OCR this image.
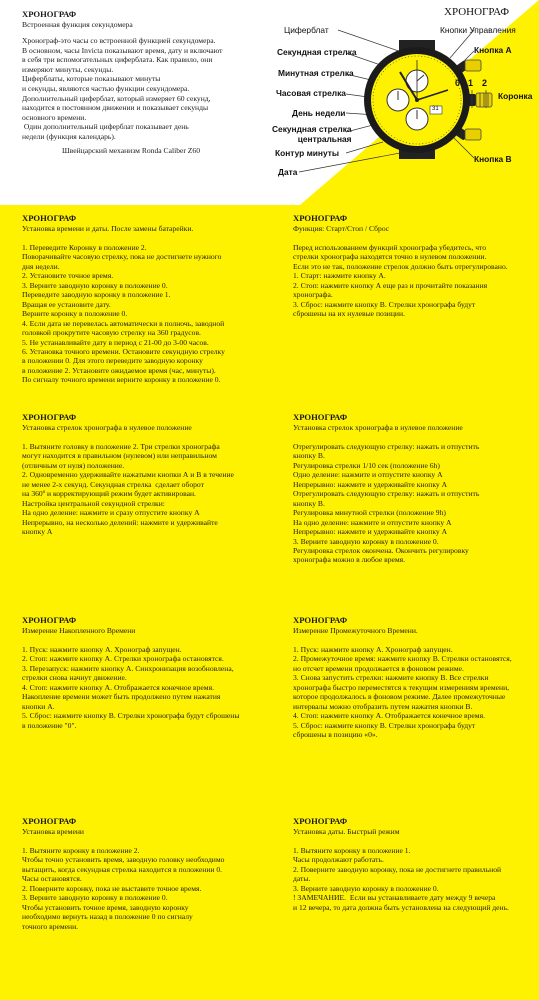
ХРОНОГРАФ
Встроенная функция секундомера
Хронограф-это часы со встроенной функцией секундомера.
В основном, часы Invicta показывают время, дату и включают
в себя три вспомогательных циферблата. Как правило, они
измеряют минуты, секунды.
Циферблаты, которые показывают минуты
и секунды, являются частью функции секундомера.
Дополнительный циферблат, который измеряет 60 секунд,
находится в постоянном движении и показывает секунды
основного времени.
Один дополнительный циферблат показывает день
недели (функция календарь).
Швейцарский механизм Ronda Caliber Z60
ХРОНОГРАФ
Циферблат	Кнопки Управления
Секундная стрелка
Минутная стрелка
Часовая стрелка
День недели
Секундная стрелка
центральная
Контур минуты
Дата
Кнопка А
Коронка
Кнопка В
31
0 1 2
ХРОНОГРАФ
Установка времени и даты. После замены батарейки.
1. Переведите Коронку в положение 2.
Поворачивайте часовую стрелку, пока не достигнете нужного
дня недели.
2. Установите точное время.
3. Верните заводную коронку в положение 0.
Переведите заводную коронку в положение 1.
Вращая ее установите дату.
Верните коронку в положение 0.
4. Если дата не перевелась автоматически в полночь, заводной
головкой прокрутите часовую стрелку на 360 градусов.
5. Не устанавливайте дату в период с 21-00 до 3-00 часов.
6. Установка точного времени. Остановите секундную стрелку
в положении 0. Для этого переведите заводную коронку
в положение 2. Установите ожидаемое время (час, минуты).
По сигналу точного времени верните коронку в положение 0.
ХРОНОГРАФ
Функция: Старт/Стоп / Сброс
Перед использованием функций хронографа убедитесь, что
стрелки хронографа находятся точно в нулевом положении.
Если это не так, положение стрелок должно быть отрегулировано.
1. Старт: нажмите кнопку А.
2. Стоп: нажмите кнопку А еще раз и прочитайте показания
хронографа.
3. Сброс: нажмите кнопку В. Стрелки хронографа будут
сброшены на их нулевые позиции.
ХРОНОГРАФ
Установка стрелок хронографа в нулевое положение
1. Вытяните головку в положение 2. Три стрелки хронографа
могут находится в правильном (нулевом) или неправильном
(отличным от нуля) положение.
2. Одновременно удерживайте нажатыми кнопки А и В в течение
не менее 2-х секунд. Секундная стрелка  сделает оборот
на 360º и корректирующий режим будет активирован.
Настройка центральной секундной стрелки:
На одно деление: нажмите и сразу отпустите кнопку А
Непрерывно, на несколько делений: нажмите и удерживайте
кнопку А
ХРОНОГРАФ
Установка стрелок хронографа в нулевое положение
Отрегулировать следующую стрелку: нажать и отпустить
кнопку В.
Регулировка стрелки 1/10 сек (положение 6h)
Одно деление: нажмите и отпустите кнопку А
Непрерывно: нажмите и удерживайте кнопку А
Отрегулировать следующую стрелку: нажать и отпустить
кнопку В.
Регулировка минутной стрелки (положение 9h)
На одно деление: нажмите и отпустите кнопку А
Непрерывно: нажмите и удерживайте кнопку А
3. Верните заводную коронку в положение 0.
Регулировка стрелок окончена. Окончить регулировку
хронографа можно в любое время.
ХРОНОГРАФ
Измерение Накопленного Времени
1. Пуск: нажмите кнопку А. Хронограф запущен.
2. Стоп: нажмите кнопку А. Стрелки хронографа остановятся.
3. Перезапуск: нажмите кнопку А. Синхронизация возобновлена,
стрелки снова начнут движение.
4. Стоп: нажмите кнопку А. Отображается конечное время.
Накопление времени может быть продолжено путем нажатия
кнопки А.
5. Сброс: нажмите кнопку В. Стрелки хронографа будут сброшены
в положение "0".
ХРОНОГРАФ
Измерение Промежуточного Времени.
1. Пуск: нажмите кнопку А. Хронограф запущен.
2. Промежуточное время: нажмите кнопку В. Стрелки остановятся,
но отсчет времени продолжается в фоновом режиме.
3. Снова запустить стрелки: нажмите кнопку В. Все стрелки
хронографа быстро переместятся к текущим измерениям времени,
которое продолжалось в фоновом режиме. Далее промежуточные
интервалы можно отобразить путем нажатия кнопки В.
4. Стоп: нажмите кнопку А. Отображается конечное время.
5. Сброс: нажмите кнопку В. Стрелки хронографа будут
сброшены в позицию «0».
ХРОНОГРАФ
Установка времени
1. Вытяните коронку в положение 2.
Чтобы точно установить время, заводную головку необходимо
вытащить, когда секундная стрелка находится в положении 0.
Часы остановятся.
2. Поверните коронку, пока не выставите точное время.
3. Верните заводную коронку в положение 0.
Чтобы установить точное время, заводную коронку
необходимо вернуть назад в положение 0 по сигналу
точного времени.
ХРОНОГРАФ
Установка даты. Быстрый режим
1. Вытяните коронку в положение 1.
Часы продолжают работать.
2. Поверните заводную коронку, пока не достигнете правильной
даты.
3. Верните заводную коронку в положение 0.
! ЗАМЕЧАНИЕ.  Если вы устанавливаете дату между 9 вечера
и 12 вечера, то дата должна быть установлена на следующий день.
